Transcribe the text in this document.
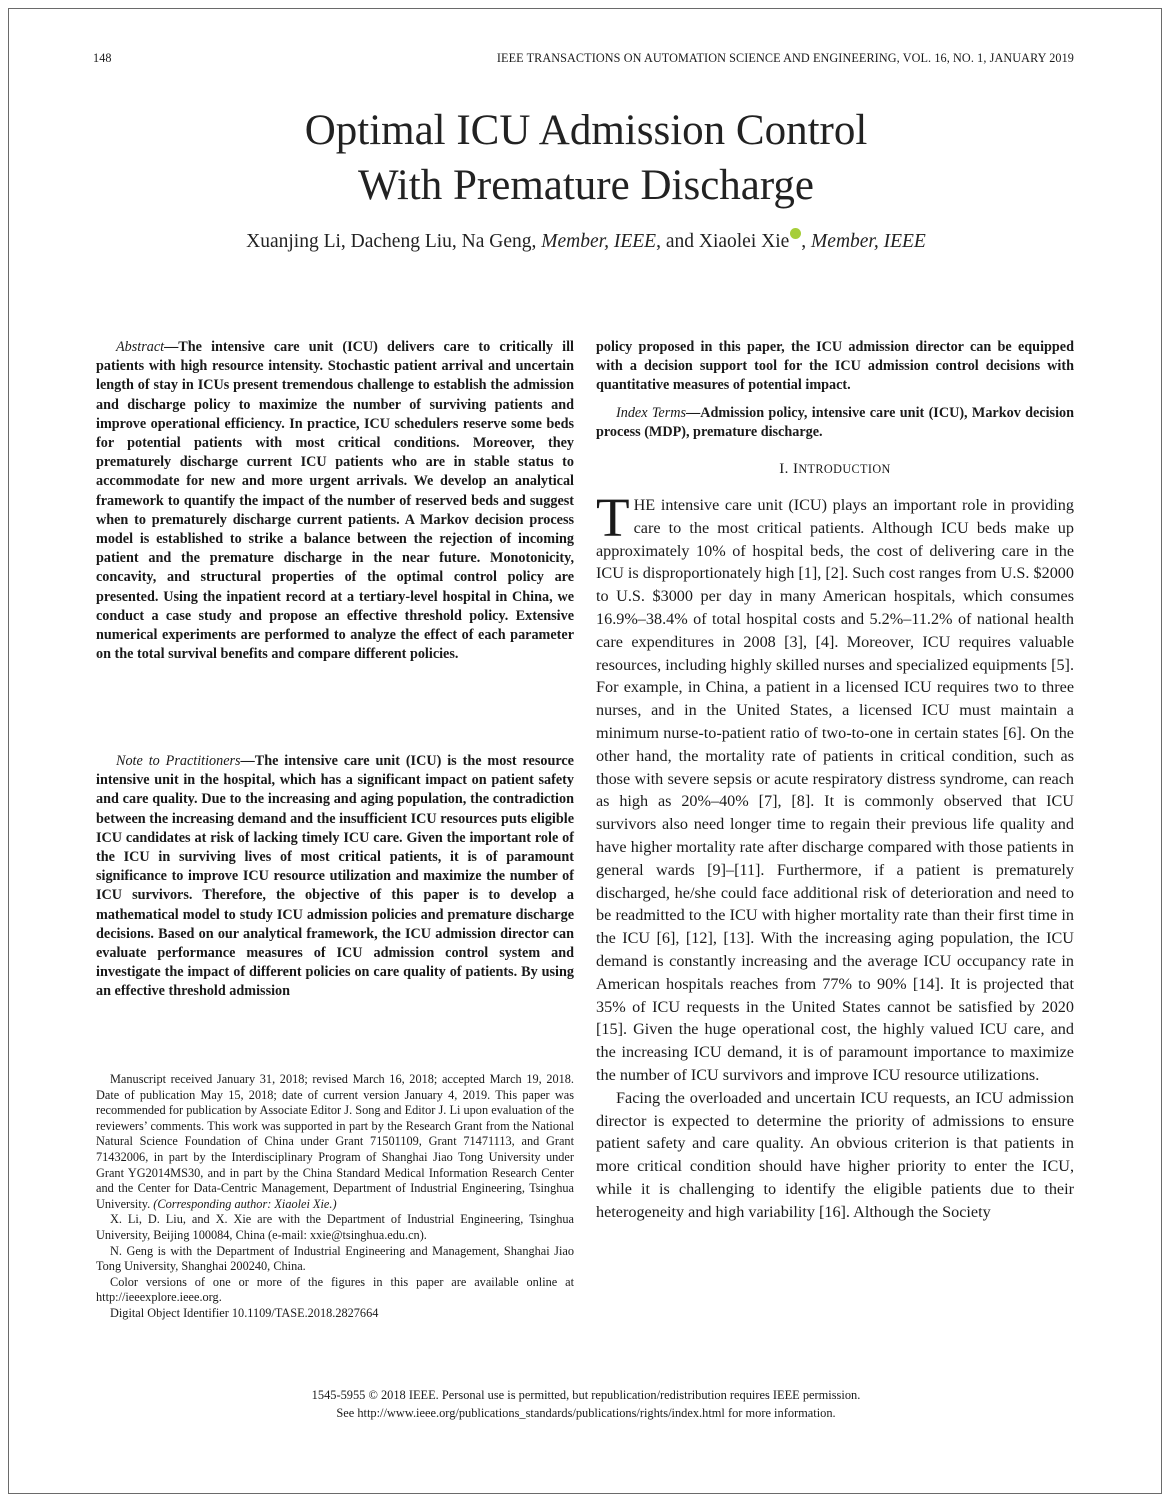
148	IEEE TRANSACTIONS ON AUTOMATION SCIENCE AND ENGINEERING, VOL. 16, NO. 1, JANUARY 2019
Optimal ICU Admission Control
With Premature Discharge
Xuanjing Li, Dacheng Liu, Na Geng, Member, IEEE, and Xiaolei Xie , Member, IEEE

Abstract—The intensive care unit (ICU) delivers care to critically ill patients with high resource intensity. Stochastic patient arrival and uncertain length of stay in ICUs present tremendous challenge to establish the admission and discharge policy to maximize the number of surviving patients and improve operational efficiency. In practice, ICU schedulers reserve some beds for potential patients with most critical conditions. Moreover, they prematurely discharge current ICU patients who are in stable status to accommodate for new and more urgent arrivals. We develop an analytical framework to quantify the impact of the number of reserved beds and suggest when to prematurely discharge current patients. A Markov decision process model is established to strike a balance between the rejection of incoming patient and the premature discharge in the near future. Monotonicity, concavity, and structural properties of the optimal control policy are presented. Using the inpatient record at a tertiary-level hospital in China, we conduct a case study and propose an effective threshold policy. Extensive numerical experiments are performed to analyze the effect of each parameter on the total survival benefits and compare different policies.

Note to Practitioners—The intensive care unit (ICU) is the most resource intensive unit in the hospital, which has a significant impact on patient safety and care quality. Due to the increasing and aging population, the contradiction between the increasing demand and the insufficient ICU resources puts eligible ICU candidates at risk of lacking timely ICU care. Given the important role of the ICU in surviving lives of most critical patients, it is of paramount significance to improve ICU resource utilization and maximize the number of ICU survivors. Therefore, the objective of this paper is to develop a mathematical model to study ICU admission policies and premature discharge decisions. Based on our analytical framework, the ICU admission director can evaluate performance measures of ICU admission control system and investigate the impact of different policies on care quality of patients. By using an effective threshold admission

Manuscript received January 31, 2018; revised March 16, 2018; accepted March 19, 2018. Date of publication May 15, 2018; date of current version January 4, 2019. This paper was recommended for publication by Associate Editor J. Song and Editor J. Li upon evaluation of the reviewers’ comments. This work was supported in part by the Research Grant from the National Natural Science Foundation of China under Grant 71501109, Grant 71471113, and Grant 71432006, in part by the Interdisciplinary Program of Shanghai Jiao Tong University under Grant YG2014MS30, and in part by the China Standard Medical Information Research Center and the Center for Data-Centric Management, Department of Industrial Engineering, Tsinghua University. (Corresponding author: Xiaolei Xie.)

X. Li, D. Liu, and X. Xie are with the Department of Industrial Engineering, Tsinghua University, Beijing 100084, China (e-mail: xxie@tsinghua.edu.cn).

N. Geng is with the Department of Industrial Engineering and Management, Shanghai Jiao Tong University, Shanghai 200240, China.

Color versions of one or more of the figures in this paper are available online at http://ieeexplore.ieee.org.

Digital Object Identifier 10.1109/TASE.2018.2827664

policy proposed in this paper, the ICU admission director can be equipped with a decision support tool for the ICU admission control decisions with quantitative measures of potential impact.

Index Terms—Admission policy, intensive care unit (ICU), Markov decision process (MDP), premature discharge.

I. INTRODUCTION

THE intensive care unit (ICU) plays an important role in providing care to the most critical patients. Although ICU beds make up approximately 10% of hospital beds, the cost of delivering care in the ICU is disproportionately high [1], [2]. Such cost ranges from U.S. $2000 to U.S. $3000 per day in many American hospitals, which consumes 16.9%–38.4% of total hospital costs and 5.2%–11.2% of national health care expenditures in 2008 [3], [4]. Moreover, ICU requires valuable resources, including highly skilled nurses and specialized equipments [5]. For example, in China, a patient in a licensed ICU requires two to three nurses, and in the United States, a licensed ICU must maintain a minimum nurse-to-patient ratio of two-to-one in certain states [6]. On the other hand, the mortality rate of patients in critical condition, such as those with severe sepsis or acute respiratory distress syndrome, can reach as high as 20%–40% [7], [8]. It is commonly observed that ICU survivors also need longer time to regain their previous life quality and have higher mortality rate after discharge compared with those patients in general wards [9]–[11]. Furthermore, if a patient is prematurely discharged, he/she could face additional risk of deterioration and need to be readmitted to the ICU with higher mortality rate than their first time in the ICU [6], [12], [13]. With the increasing aging population, the ICU demand is constantly increasing and the average ICU occupancy rate in American hospitals reaches from 77% to 90% [14]. It is projected that 35% of ICU requests in the United States cannot be satisfied by 2020 [15]. Given the huge operational cost, the highly valued ICU care, and the increasing ICU demand, it is of paramount importance to maximize the number of ICU survivors and improve ICU resource utilizations.

Facing the overloaded and uncertain ICU requests, an ICU admission director is expected to determine the priority of admissions to ensure patient safety and care quality. An obvious criterion is that patients in more critical condition should have higher priority to enter the ICU, while it is challenging to identify the eligible patients due to their heterogeneity and high variability [16]. Although the Society

1545-5955 © 2018 IEEE. Personal use is permitted, but republication/redistribution requires IEEE permission.
See http://www.ieee.org/publications_standards/publications/rights/index.html for more information.
